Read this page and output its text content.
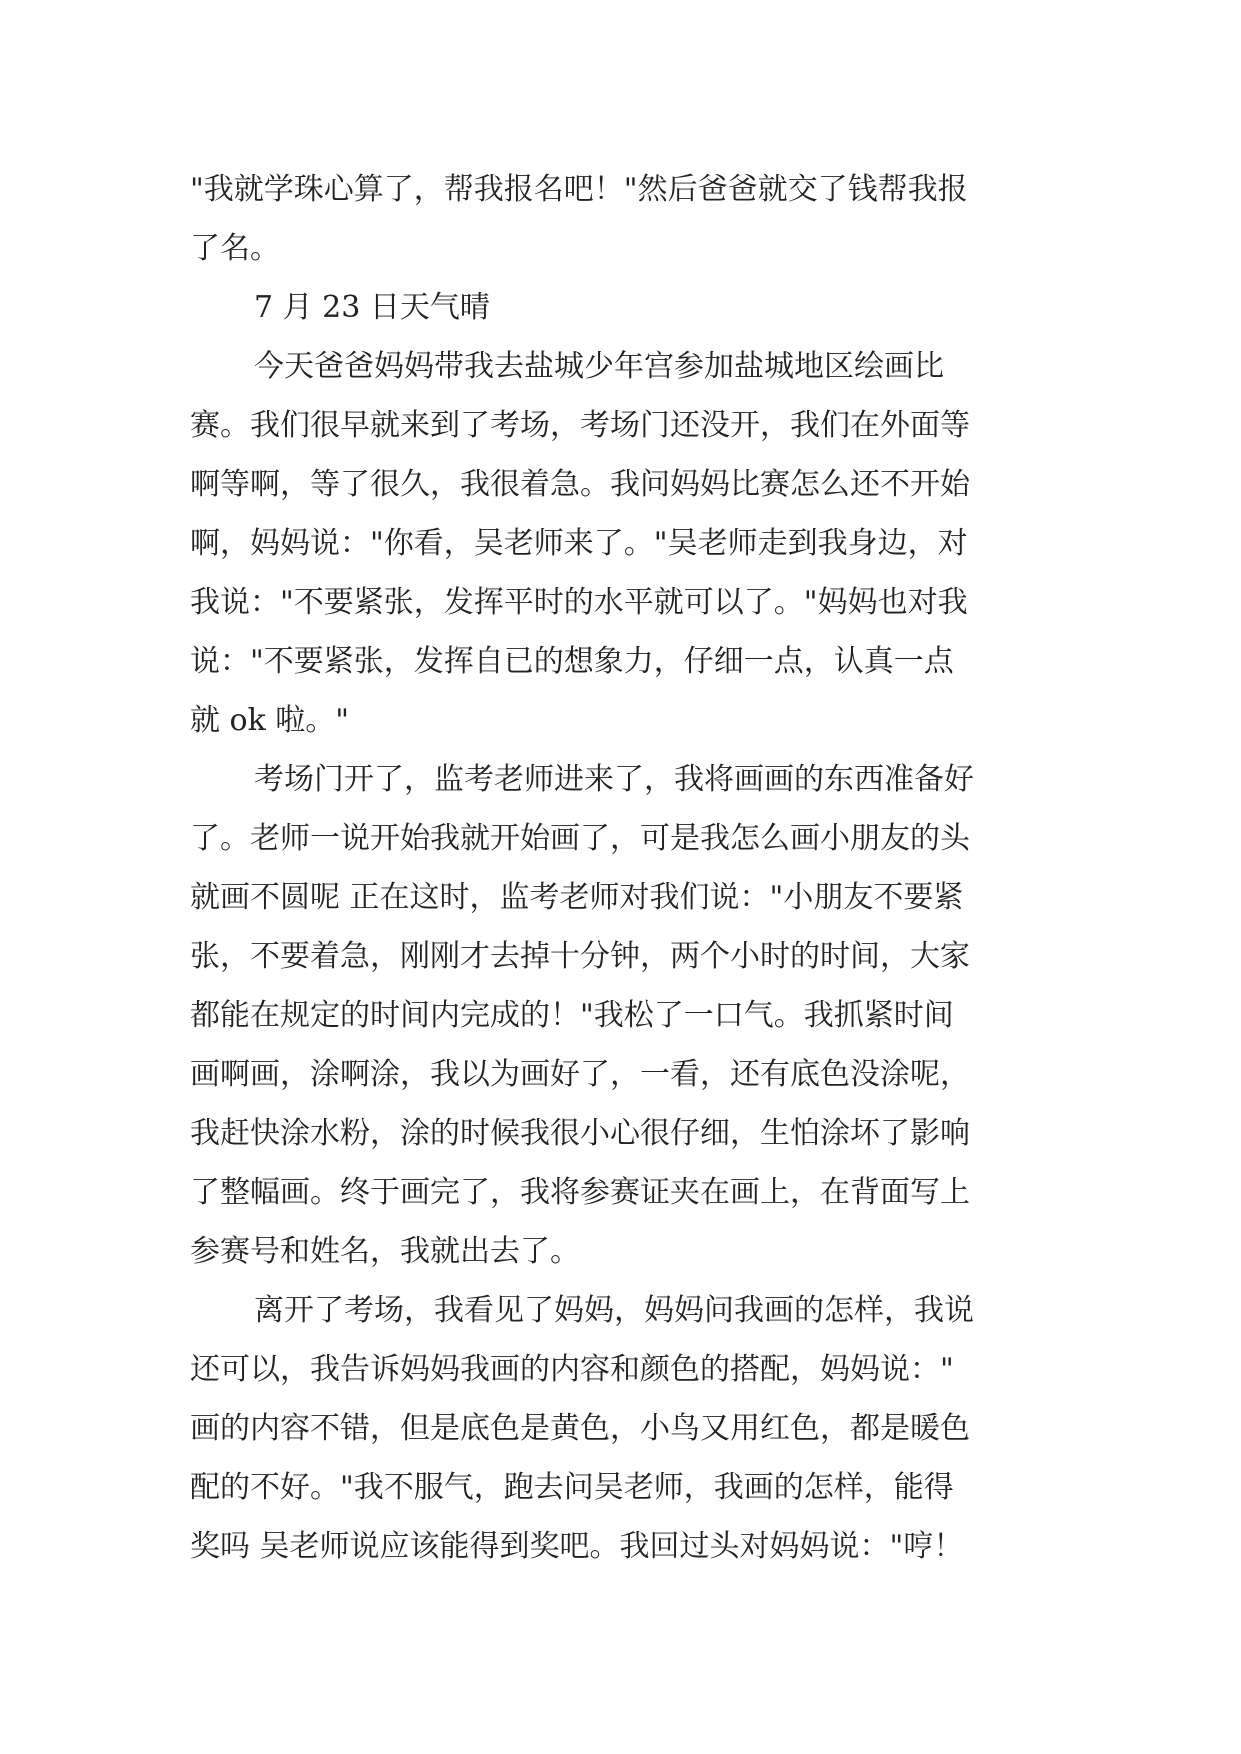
"我就学珠心算了，帮我报名吧！"然后爸爸就交了钱帮我报
了名。
7 月 23 日天气晴
今天爸爸妈妈带我去盐城少年宫参加盐城地区绘画比
赛。我们很早就来到了考场，考场门还没开，我们在外面等
啊等啊，等了很久，我很着急。我问妈妈比赛怎么还不开始
啊，妈妈说："你看，吴老师来了。"吴老师走到我身边，对
我说："不要紧张，发挥平时的水平就可以了。"妈妈也对我
说："不要紧张，发挥自已的想象力，仔细一点，认真一点
就 ok 啦。"
考场门开了，监考老师进来了，我将画画的东西准备好
了。老师一说开始我就开始画了，可是我怎么画小朋友的头
就画不圆呢 正在这时，监考老师对我们说："小朋友不要紧
张，不要着急，刚刚才去掉十分钟，两个小时的时间，大家
都能在规定的时间内完成的！"我松了一口气。我抓紧时间
画啊画，涂啊涂，我以为画好了，一看，还有底色没涂呢，
我赶快涂水粉，涂的时候我很小心很仔细，生怕涂坏了影响
了整幅画。终于画完了，我将参赛证夹在画上，在背面写上
参赛号和姓名，我就出去了。
离开了考场，我看见了妈妈，妈妈问我画的怎样，我说
还可以，我告诉妈妈我画的内容和颜色的搭配，妈妈说："
画的内容不错，但是底色是黄色，小鸟又用红色，都是暖色
配的不好。"我不服气，跑去问吴老师，我画的怎样，能得
奖吗 吴老师说应该能得到奖吧。我回过头对妈妈说："哼！
